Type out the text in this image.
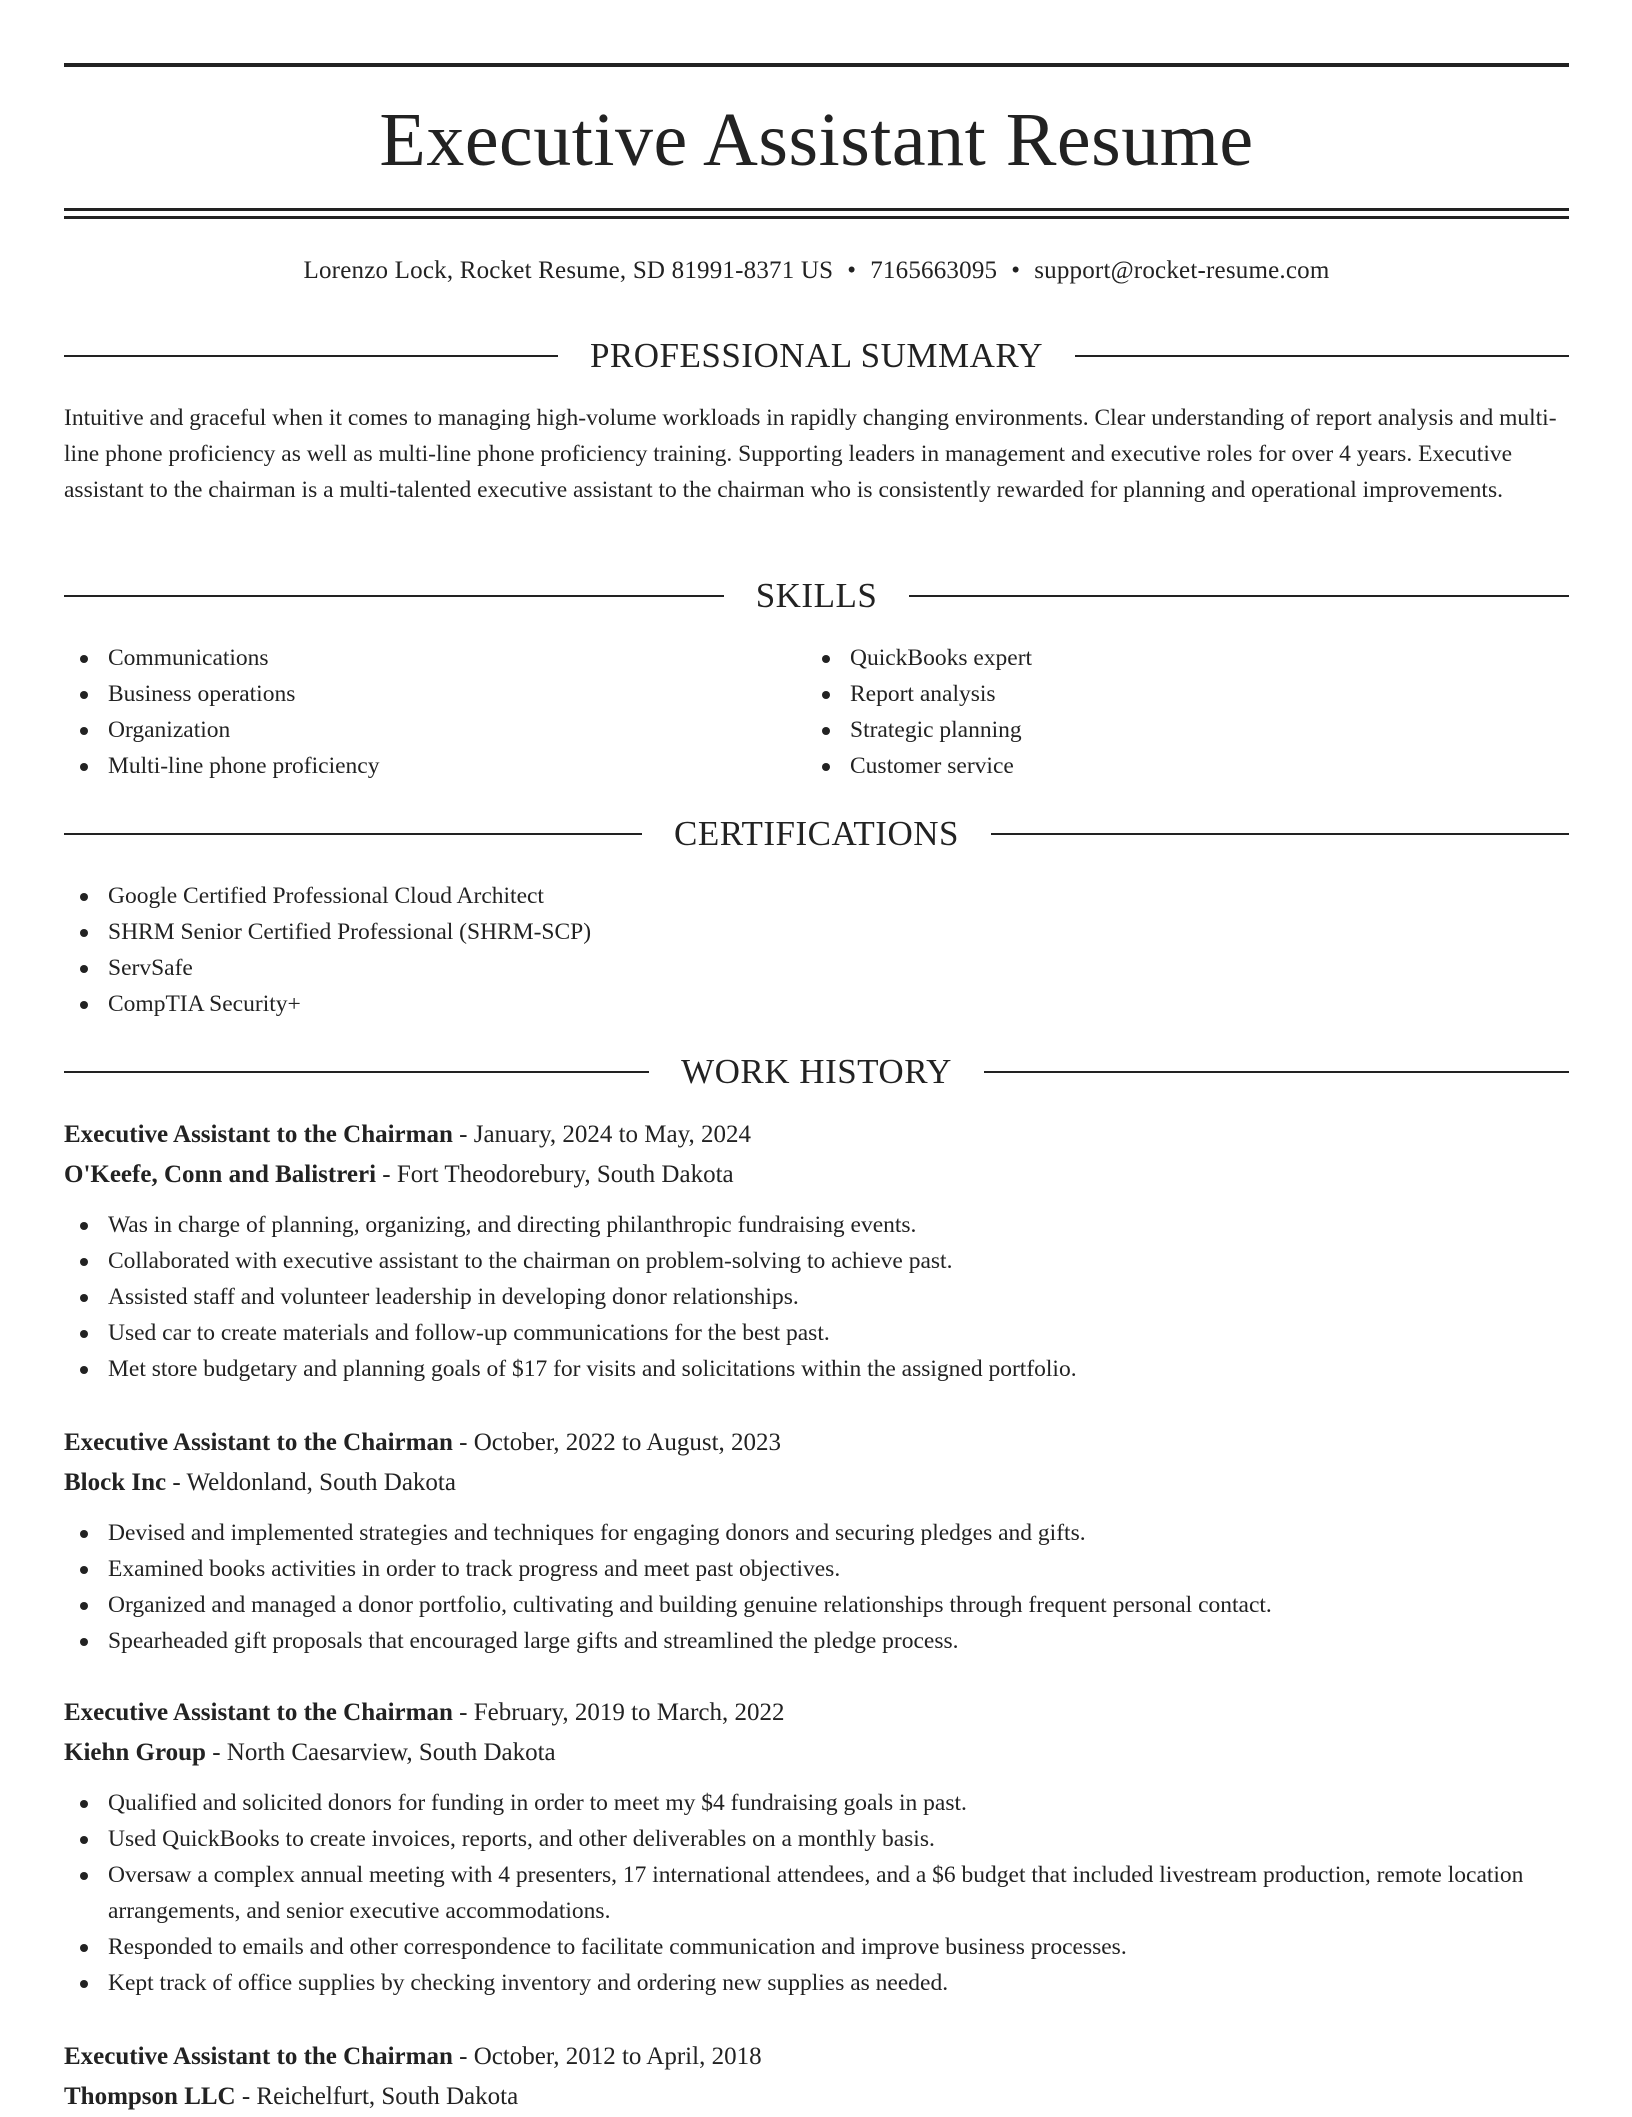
Executive Assistant Resume
Lorenzo Lock, Rocket Resume, SD 81991-8371 US • 7165663095 • support@rocket-resume.com
PROFESSIONAL SUMMARY

Intuitive and graceful when it comes to managing high-volume workloads in rapidly changing environments. Clear understanding of report analysis and multi-line phone proficiency as well as multi-line phone proficiency training. Supporting leaders in management and executive roles for over 4 years. Executive assistant to the chairman is a multi-talented executive assistant to the chairman who is consistently rewarded for planning and operational improvements.

SKILLS
Communications
Business operations
Organization
Multi-line phone proficiency
QuickBooks expert
Report analysis
Strategic planning
Customer service
CERTIFICATIONS
Google Certified Professional Cloud Architect
SHRM Senior Certified Professional (SHRM-SCP)
ServSafe
CompTIA Security+
WORK HISTORY
Executive Assistant to the Chairman - January, 2024 to May, 2024
O'Keefe, Conn and Balistreri - Fort Theodorebury, South Dakota
Was in charge of planning, organizing, and directing philanthropic fundraising events.
Collaborated with executive assistant to the chairman on problem-solving to achieve past.
Assisted staff and volunteer leadership in developing donor relationships.
Used car to create materials and follow-up communications for the best past.
Met store budgetary and planning goals of $17 for visits and solicitations within the assigned portfolio.
Executive Assistant to the Chairman - October, 2022 to August, 2023
Block Inc - Weldonland, South Dakota
Devised and implemented strategies and techniques for engaging donors and securing pledges and gifts.
Examined books activities in order to track progress and meet past objectives.
Organized and managed a donor portfolio, cultivating and building genuine relationships through frequent personal contact.
Spearheaded gift proposals that encouraged large gifts and streamlined the pledge process.
Executive Assistant to the Chairman - February, 2019 to March, 2022
Kiehn Group - North Caesarview, South Dakota
Qualified and solicited donors for funding in order to meet my $4 fundraising goals in past.
Used QuickBooks to create invoices, reports, and other deliverables on a monthly basis.
Oversaw a complex annual meeting with 4 presenters, 17 international attendees, and a $6 budget that included livestream production, remote location arrangements, and senior executive accommodations.
Responded to emails and other correspondence to facilitate communication and improve business processes.
Kept track of office supplies by checking inventory and ordering new supplies as needed.
Executive Assistant to the Chairman - October, 2012 to April, 2018
Thompson LLC - Reichelfurt, South Dakota
